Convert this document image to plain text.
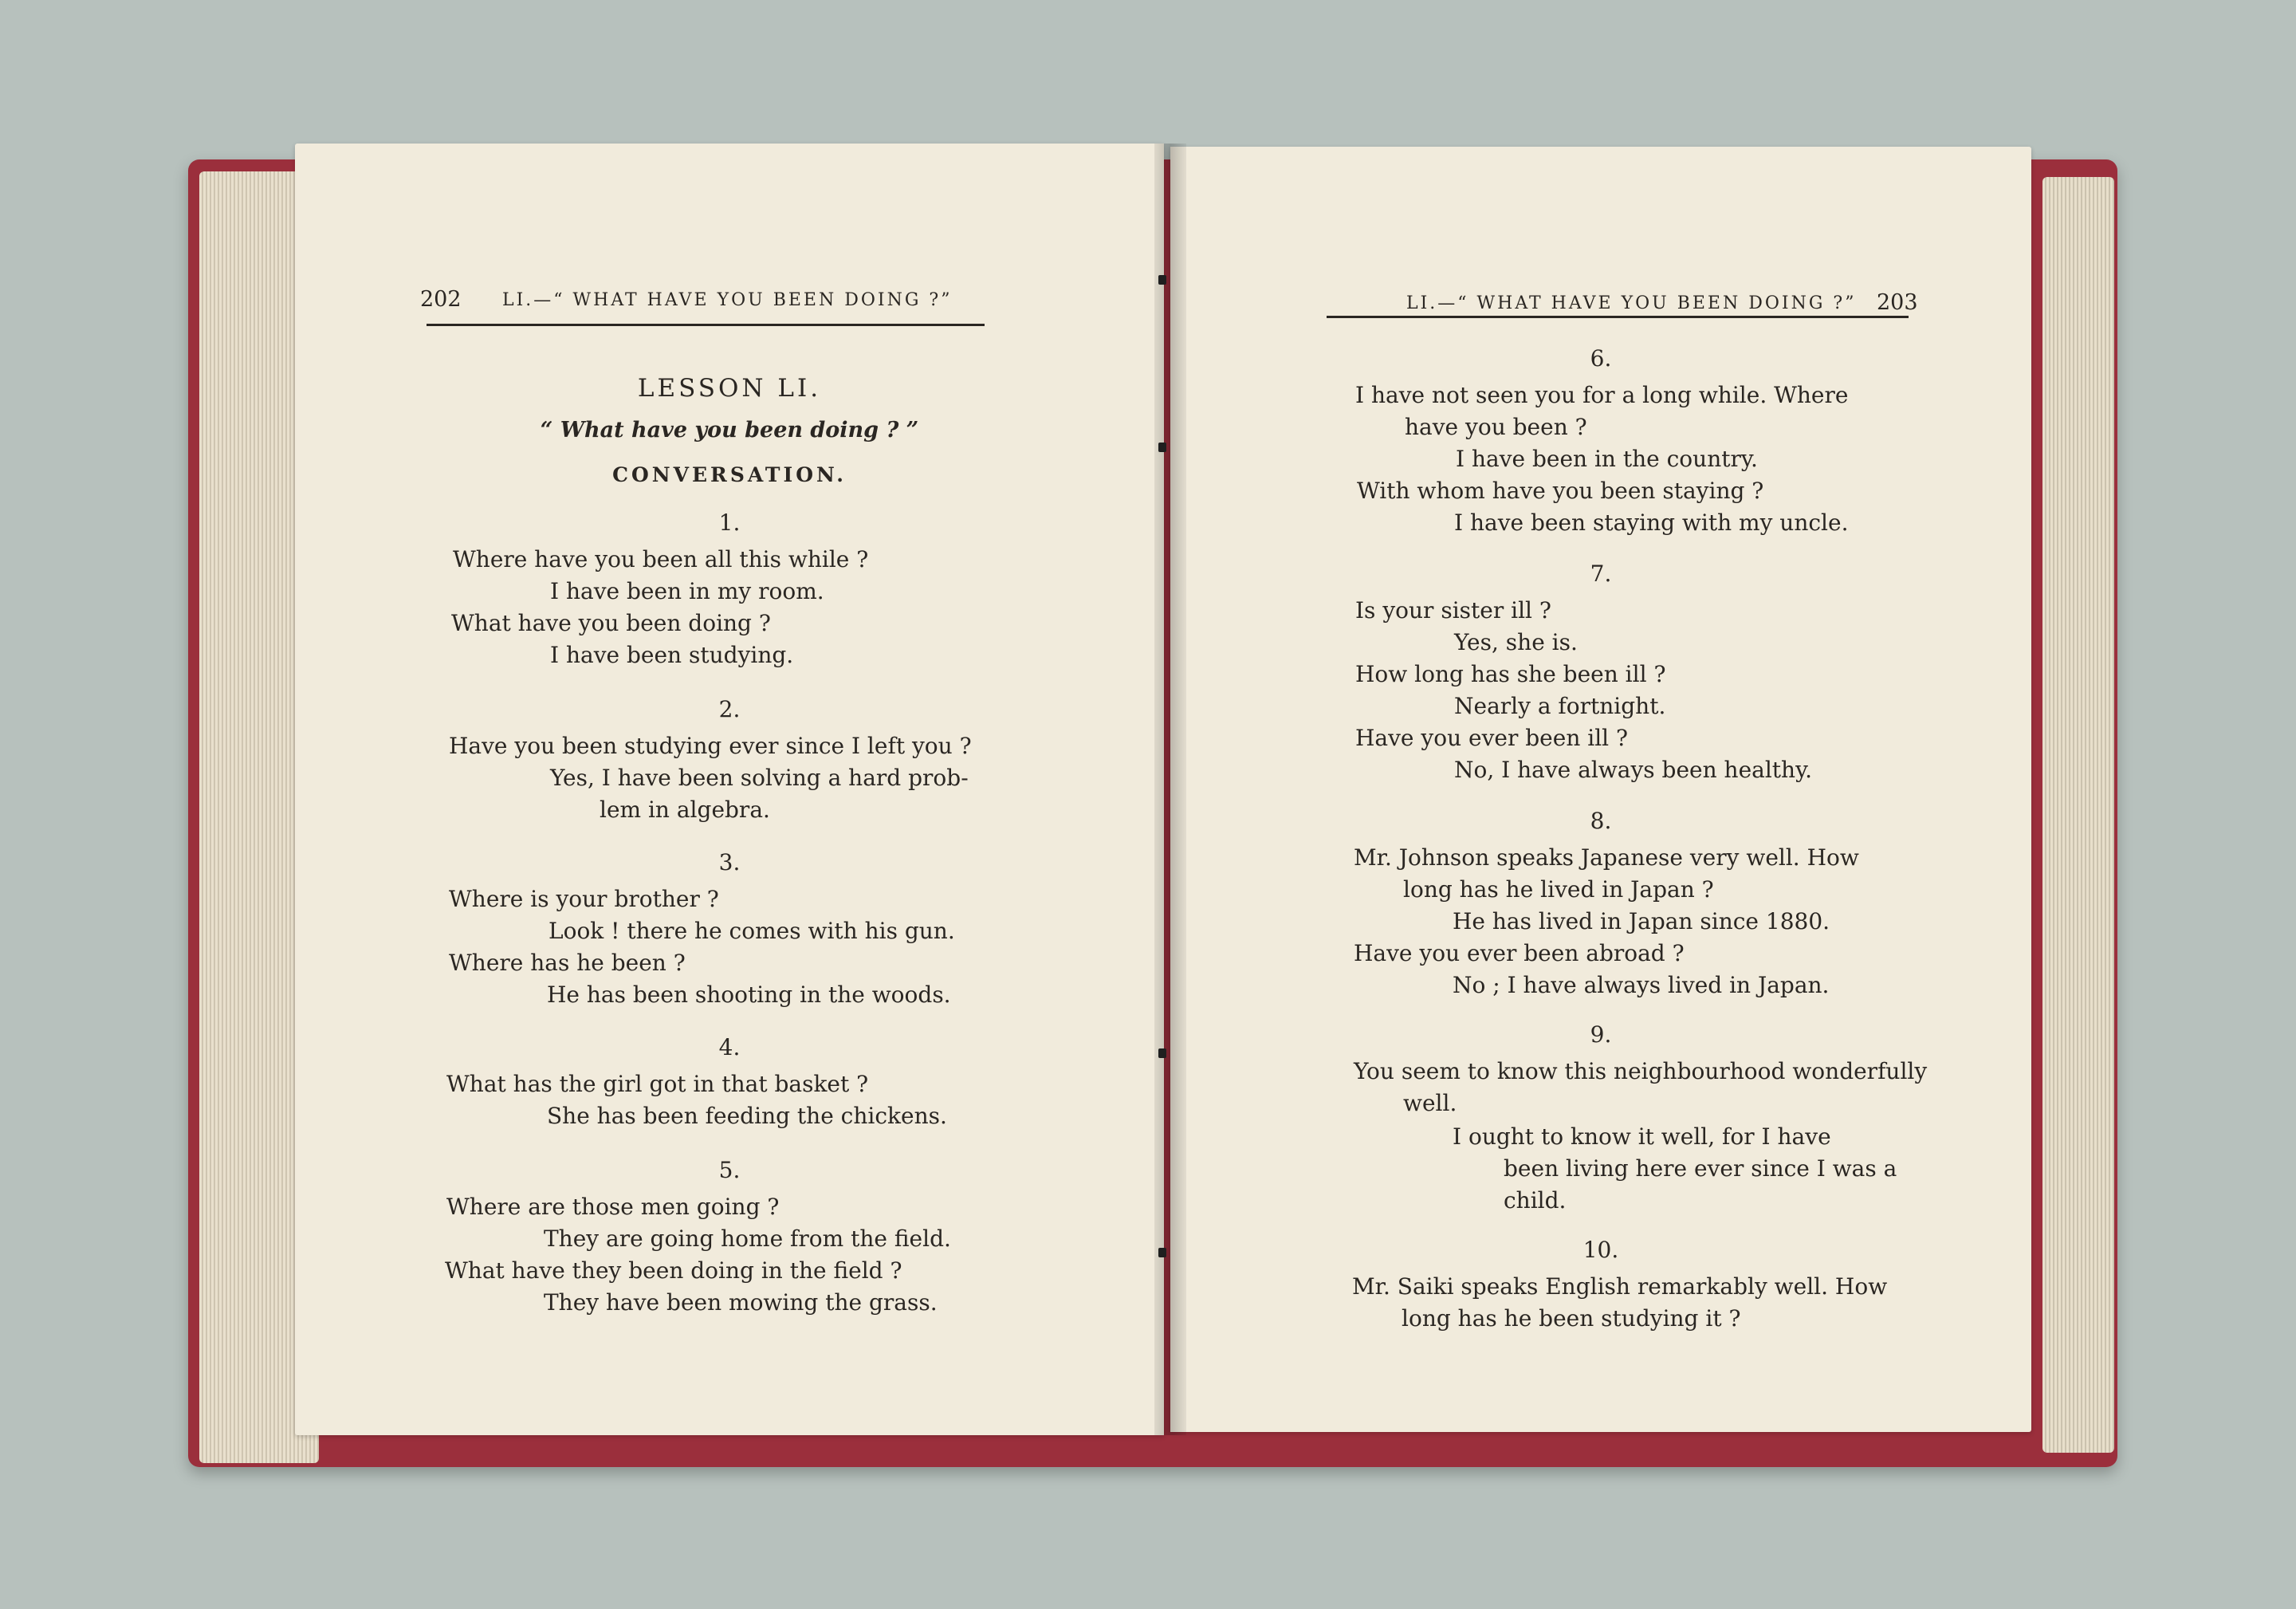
202 LI.—“ WHAT HAVE YOU BEEN DOING ?”
LESSON LI.
“ What have you been doing ? ”
CONVERSATION.
1.
Where have you been all this while ?
I have been in my room.
What have you been doing ?
I have been studying.
2.
Have you been studying ever since I left you ?
Yes, I have been solving a hard prob-
lem in algebra.
3.
Where is your brother ?
Look ! there he comes with his gun.
Where has he been ?
He has been shooting in the woods.
4.
What has the girl got in that basket ?
She has been feeding the chickens.
5.
Where are those men going ?
They are going home from the field.
What have they been doing in the field ?
They have been mowing the grass.
LI.—“ WHAT HAVE YOU BEEN DOING ?” 203
6.
I have not seen you for a long while. Where
have you been ?
I have been in the country.
With whom have you been staying ?
I have been staying with my uncle.
7.
Is your sister ill ?
Yes, she is.
How long has she been ill ?
Nearly a fortnight.
Have you ever been ill ?
No, I have always been healthy.
8.
Mr. Johnson speaks Japanese very well. How
long has he lived in Japan ?
He has lived in Japan since 1880.
Have you ever been abroad ?
No ; I have always lived in Japan.
9.
You seem to know this neighbourhood wonderfully
well.
I ought to know it well, for I have
been living here ever since I was a
child.
10.
Mr. Saiki speaks English remarkably well. How
long has he been studying it ?
